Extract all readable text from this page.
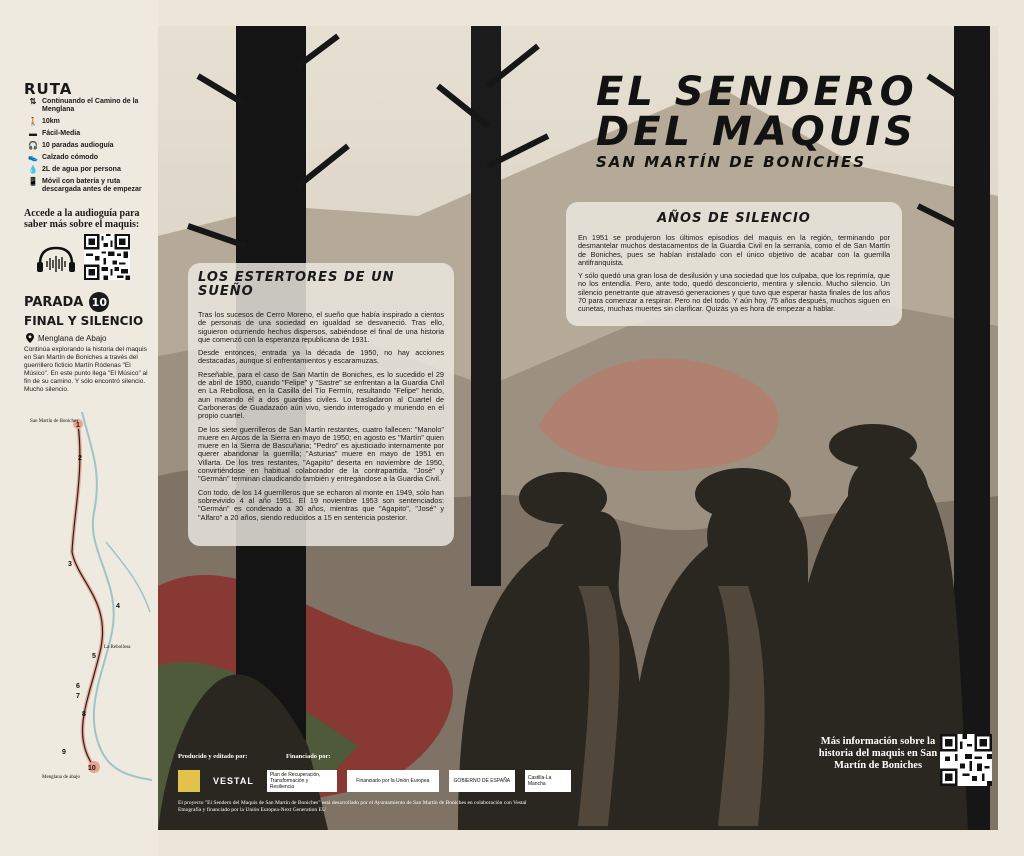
RUTA
⇅ Continuando el Camino de la Menglana
🚶 10km
▬ Fácil-Media
🎧 10 paradas audioguía
👟 Calzado cómodo
💧 2L de agua por persona
📱 Móvil con batería y ruta descargada antes de empezar
Accede a la audioguía para saber más sobre el maquis:
PARADA 10
FINAL Y SILENCIO
Menglana de Abajo
Continúa explorando la historia del maquis en San Martín de Boniches a través del guerrillero ficticio Martín Ródenas "El Músico". En este punto llega "El Músico" al fin de su camino. Y sólo encontró silencio. Mucho silencio.
1
2
3
4
5
6
7
8
9
10
San Martín de Boniches
La Rebollosa
Menglana de abajo
EL SENDERO
DEL MAQUIS
SAN MARTÍN DE BONICHES
LOS ESTERTORES DE UN SUEÑO

Tras los sucesos de Cerro Moreno, el sueño que había inspirado a cientos de personas de una sociedad en igualdad se desvaneció. Tras ello, siguieron ocurriendo hechos dispersos, sabiéndose el final de una historia que comenzó con la esperanza republicana de 1931.

Desde entonces, entrada ya la década de 1950, no hay acciones destacadas, aunque sí enfrentamientos y escaramuzas.

Reseñable, para el caso de San Martín de Boniches, es lo sucedido el 29 de abril de 1950, cuando "Felipe" y "Sastre" se enfrentan a la Guardia Civil en La Rebollosa, en la Casilla del Tío Fermín, resultando "Felipe" herido, aun matando él a dos guardias civiles. Lo trasladaron al Cuartel de Carboneras de Guadazaón aún vivo, siendo interrogado y muriendo en el propio cuartel.

De los siete guerrilleros de San Martín restantes, cuatro fallecen: "Manolo" muere en Arcos de la Sierra en mayo de 1950; en agosto es "Martín" quien muere en la Sierra de Bascuñana; "Pedro" es ajusticiado internamente por querer abandonar la guerrilla; "Asturias" muere en mayo de 1951 en Villarta. De los tres restantes, "Agapito" deserta en noviembre de 1950, convirtiéndose en habitual colaborador de la contrapartida. "José" y "Germán" terminan claudicando también y entregándose a la Guardia Civil.

Con todo, de los 14 guerrilleros que se echaron al monte en 1949, sólo han sobrevivido 4 al año 1951. El 19 noviembre 1953 son sentenciados: "Germán" es condenado a 30 años, mientras que "Agapito", "José" y "Alfaro" a 20 años, siendo reducidos a 15 en sentencia posterior.

AÑOS DE SILENCIO

En 1951 se produjeron los últimos episodios del maquis en la región, terminando por desmantelar muchos destacamentos de la Guardia Civil en la serranía, como el de San Martín de Boniches, pues se habían instalado con el único objetivo de acabar con la guerrilla antifranquista.

Y sólo quedó una gran losa de desilusión y una sociedad que los culpaba, que los reprimía, que no los entendía. Pero, ante todo, quedó desconcierto, mentira y silencio. Mucho silencio. Un silencio penetrante que atravesó generaciones y que tuvo que esperar hasta finales de los años 70 para comenzar a respirar. Pero no del todo. Y aún hoy, 75 años después, muchos siguen en cunetas, muchas muertes sin clarificar. Quizás ya es hora de empezar a hablar.

Más información sobre la historia del maquis en San Martín de Boniches
Producido y editado por:	Financiado por:
VESTAL
Plan de Recuperación, Transformación y Resiliencia
Financiado por la Unión Europea	GOBIERNO DE ESPAÑA	Castilla-La Mancha
El proyecto "El Sendero del Maquis de San Martín de Boniches" está desarrollado por el Ayuntamiento de San Martín de Boniches en colaboración con Vestal Etnografía y financiado por la Unión Europea-Next Generation EU
